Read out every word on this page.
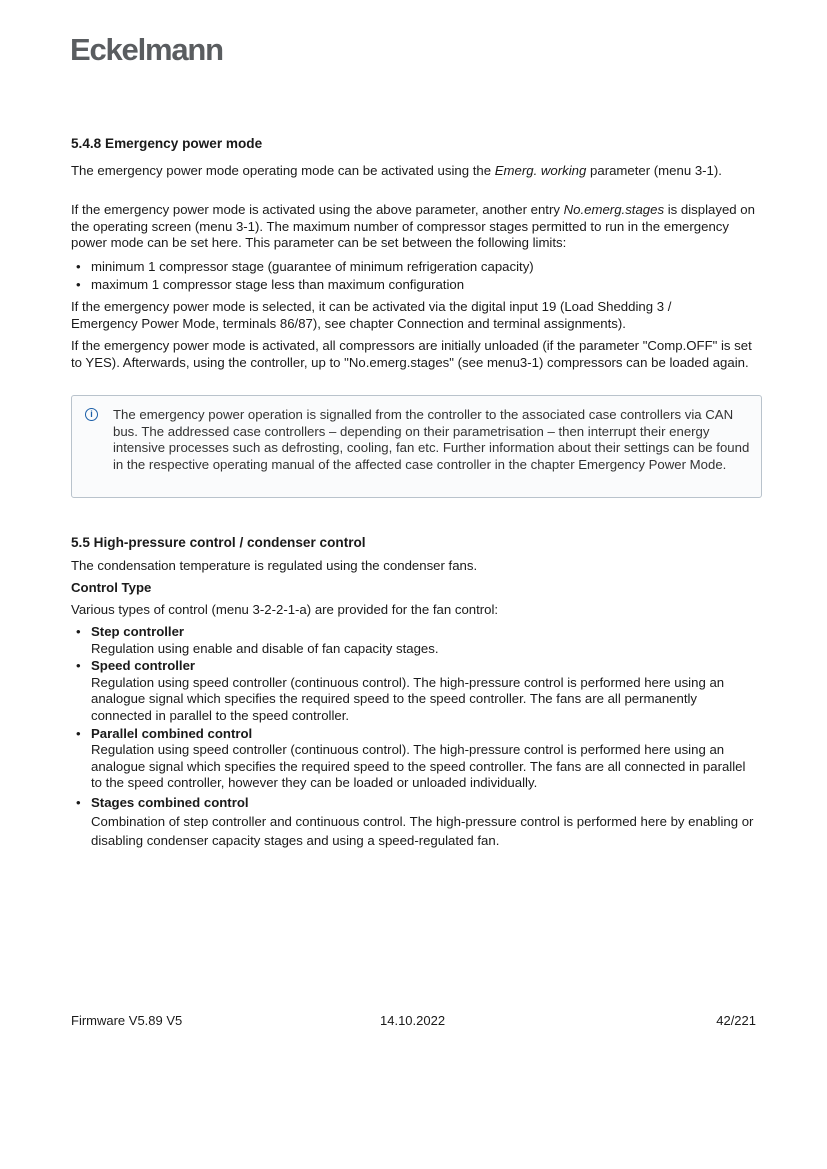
Eckelmann
5.4.8 Emergency power mode

The emergency power mode operating mode can be activated using the Emerg. working parameter (menu 3-1).

If the emergency power mode is activated using the above parameter, another entry No.emerg.stages is displayed on the operating screen (menu 3-1). The maximum number of compressor stages permitted to run in the emergency power mode can be set here. This parameter can be set between the following limits:

• minimum 1 compressor stage (guarantee of minimum refrigeration capacity)
• maximum 1 compressor stage less than maximum configuration

If the emergency power mode is selected, it can be activated via the digital input 19 (Load Shedding 3 / Emergency Power Mode, terminals 86/87), see chapter Connection and terminal assignments).

If the emergency power mode is activated, all compressors are initially unloaded (if the parameter "Comp.OFF" is set to YES). Afterwards, using the controller, up to "No.emerg.stages" (see menu3-1) compressors can be loaded again.

i	The emergency power operation is signalled from the controller to the associated case controllers via CAN bus. The addressed case controllers – depending on their parametrisation – then interrupt their energy intensive processes such as defrosting, cooling, fan etc. Further information about their settings can be found in the respective operating manual of the affected case controller in the chapter Emergency Power Mode.

5.5 High-pressure control / condenser control

The condensation temperature is regulated using the condenser fans.

Control Type

Various types of control (menu 3-2-2-1-a) are provided for the fan control:

• Step controller
Regulation using enable and disable of fan capacity stages.
• Speed controller
Regulation using speed controller (continuous control). The high-pressure control is performed here using an analogue signal which specifies the required speed to the speed controller. The fans are all permanently connected in parallel to the speed controller.
• Parallel combined control
Regulation using speed controller (continuous control). The high-pressure control is performed here using an analogue signal which specifies the required speed to the speed controller. The fans are all connected in parallel to the speed controller, however they can be loaded or unloaded individually.
• Stages combined control
Combination of step controller and continuous control. The high-pressure control is performed here by enabling or disabling condenser capacity stages and using a speed-regulated fan.
Firmware V5.89 V5	14.10.2022	42/221
